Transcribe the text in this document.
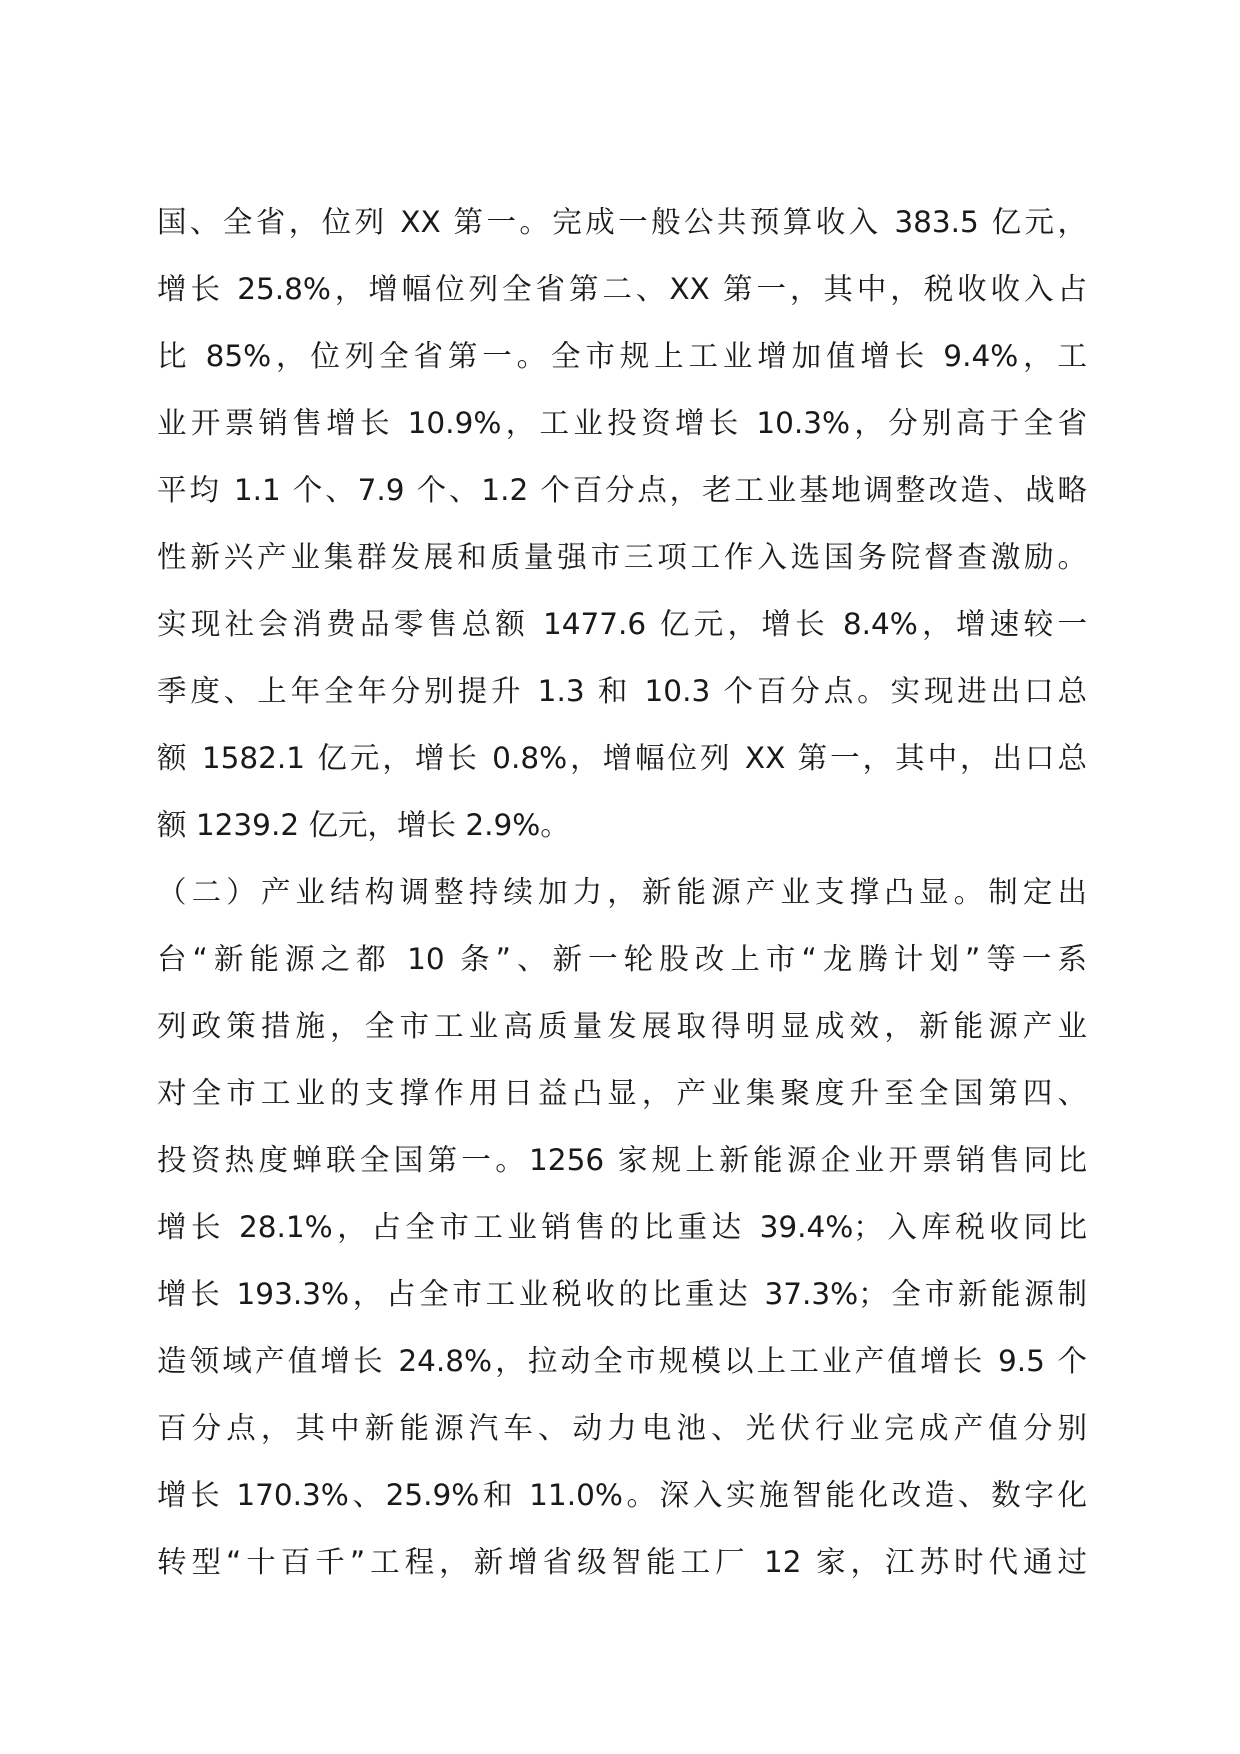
国、全省，位列 XX 第一。完成一般公共预算收入 383.5 亿元，
增长 25.8%，增幅位列全省第二、XX 第一，其中，税收收入占
比 85%，位列全省第一。全市规上工业增加值增长 9.4%，工
业开票销售增长 10.9%，工业投资增长 10.3%，分别高于全省
平均 1.1 个、7.9 个、1.2 个百分点，老工业基地调整改造、战略
性新兴产业集群发展和质量强市三项工作入选国务院督查激励。
实现社会消费品零售总额 1477.6 亿元，增长 8.4%，增速较一
季度、上年全年分别提升 1.3 和 10.3 个百分点。实现进出口总
额 1582.1 亿元，增长 0.8%，增幅位列 XX 第一，其中，出口总
额 1239.2 亿元，增长 2.9%。
（二）产业结构调整持续加力，新能源产业支撑凸显。制定出
台“新能源之都 10 条”、新一轮股改上市“龙腾计划”等一系
列政策措施，全市工业高质量发展取得明显成效，新能源产业
对全市工业的支撑作用日益凸显，产业集聚度升至全国第四、
投资热度蝉联全国第一。1256 家规上新能源企业开票销售同比
增长 28.1%，占全市工业销售的比重达 39.4%；入库税收同比
增长 193.3%，占全市工业税收的比重达 37.3%；全市新能源制
造领域产值增长 24.8%，拉动全市规模以上工业产值增长 9.5 个
百分点，其中新能源汽车、动力电池、光伏行业完成产值分别
增长 170.3%、25.9%和 11.0%。深入实施智能化改造、数字化
转型“十百千”工程，新增省级智能工厂 12 家，江苏时代通过
